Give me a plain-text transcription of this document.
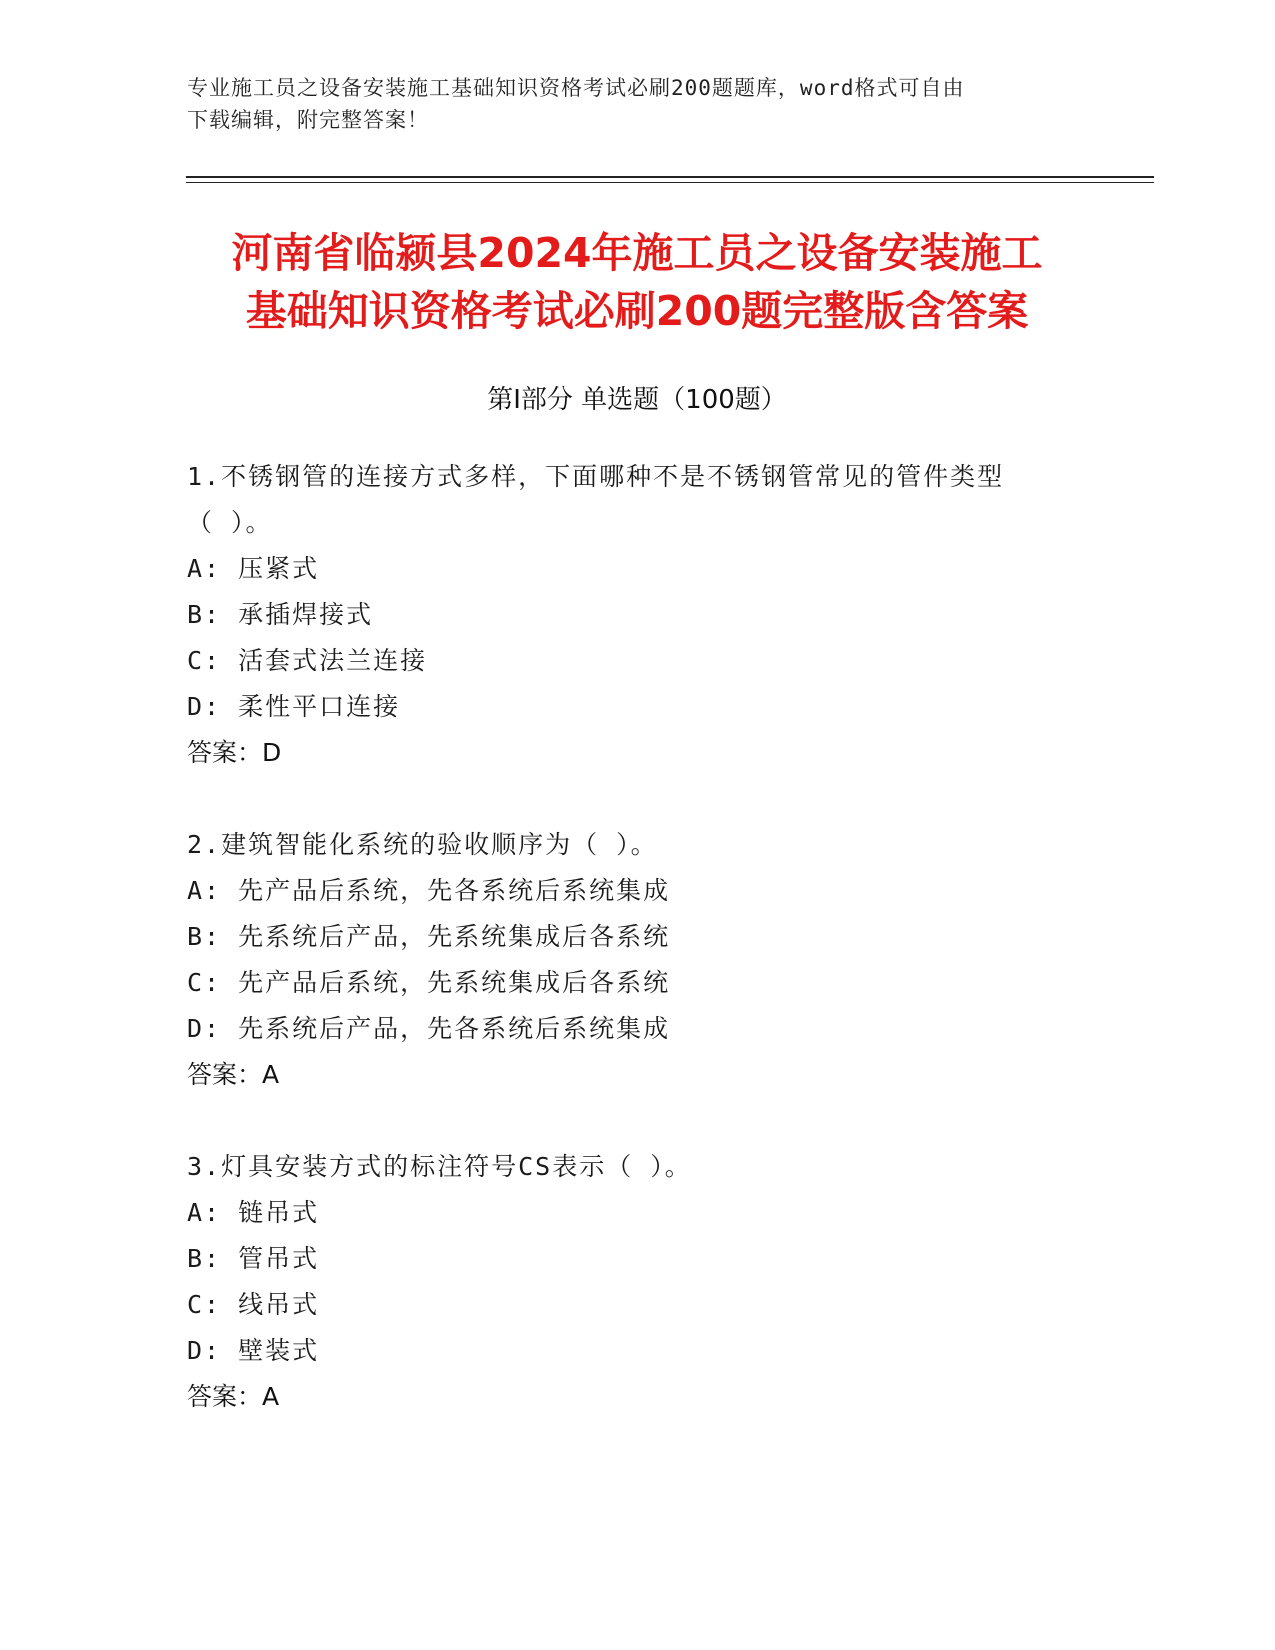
专业施工员之设备安装施工基础知识资格考试必刷200题题库，word格式可自由
下载编辑，附完整答案！
河南省临颍县2024年施工员之设备安装施工
基础知识资格考试必刷200题完整版含答案
第Ⅰ部分 单选题（100题）
1.不锈钢管的连接方式多样，下面哪种不是不锈钢管常见的管件类型
（ ）。
A: 压紧式
B: 承插焊接式
C: 活套式法兰连接
D: 柔性平口连接
答案：D
2.建筑智能化系统的验收顺序为（ ）。
A: 先产品后系统，先各系统后系统集成
B: 先系统后产品，先系统集成后各系统
C: 先产品后系统，先系统集成后各系统
D: 先系统后产品，先各系统后系统集成
答案：A
3.灯具安装方式的标注符号CS表示（ ）。
A: 链吊式
B: 管吊式
C: 线吊式
D: 壁装式
答案：A
